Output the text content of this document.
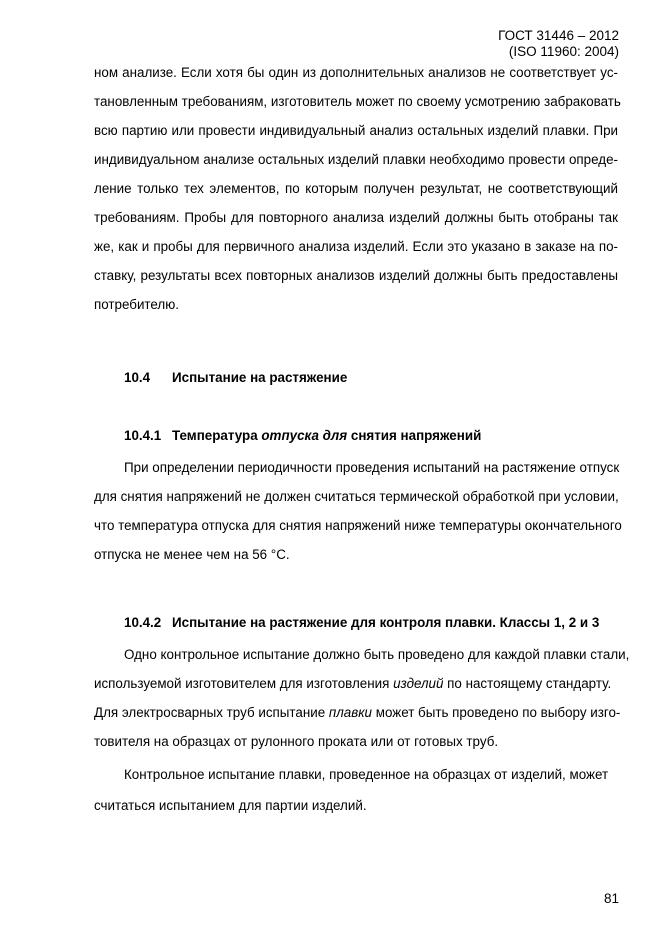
ГОСТ 31446 – 2012
(ISO 11960: 2004)
ном анализе. Если хотя бы один из дополнительных анализов не соответствует ус-
тановленным требованиям, изготовитель может по своему усмотрению забраковать
всю партию или провести индивидуальный анализ остальных изделий плавки. При
индивидуальном анализе остальных изделий плавки необходимо провести опреде-
ление только тех элементов, по которым получен результат, не соответствующий
требованиям. Пробы для повторного анализа изделий должны быть отобраны так
же, как и пробы для первичного анализа изделий. Если это указано в заказе на по-
ставку, результаты всех повторных анализов изделий должны быть предоставлены
потребителю.
10.4 Испытание на растяжение
10.4.1 Температура отпуска для снятия напряжений
При определении периодичности проведения испытаний на растяжение отпуск
для снятия напряжений не должен считаться термической обработкой при условии,
что температура отпуска для снятия напряжений ниже температуры окончательного
отпуска не менее чем на 56 °С.
10.4.2 Испытание на растяжение для контроля плавки. Классы 1, 2 и 3
Одно контрольное испытание должно быть проведено для каждой плавки стали,
используемой изготовителем для изготовления изделий по настоящему стандарту.
Для электросварных труб испытание плавки может быть проведено по выбору изго-
товителя на образцах от рулонного проката или от готовых труб.
Контрольное испытание плавки, проведенное на образцах от изделий, может
считаться испытанием для партии изделий.
81
